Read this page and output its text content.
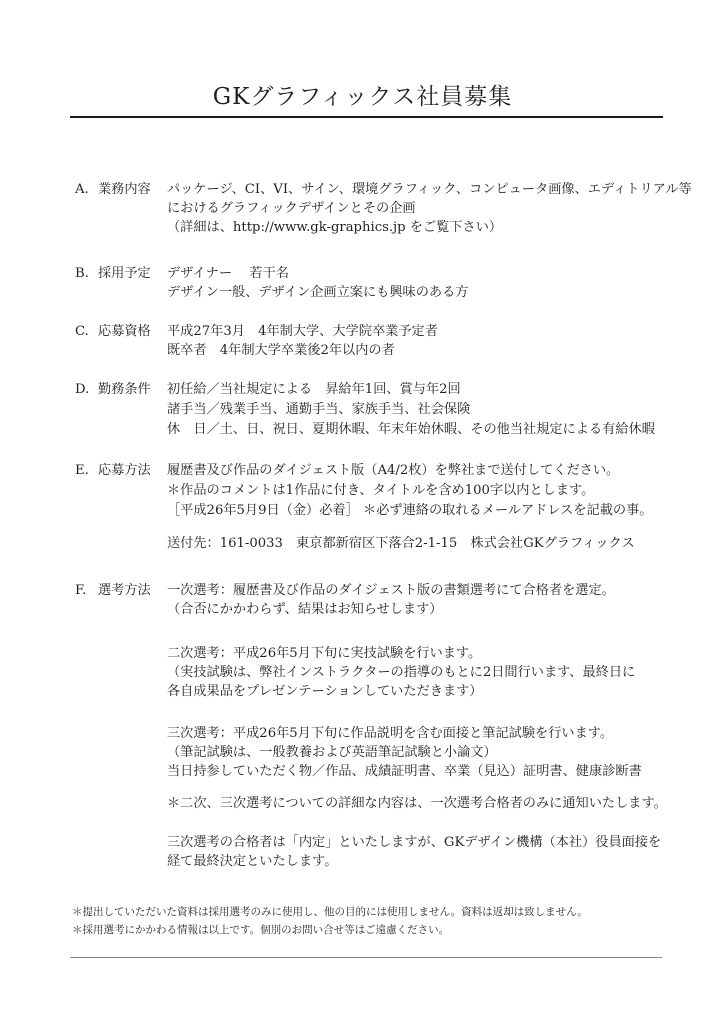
GKグラフィックス社員募集
A. 業務内容 パッケージ、CI、VI、サイン、環境グラフィック、コンピュータ画像、エディトリアル等
におけるグラフィックデザインとその企画
（詳細は、http://www.gk-graphics.jp をご覧下さい）
B. 採用予定 デザイナー　 若干名
デザイン一般、デザイン企画立案にも興味のある方
C. 応募資格 平成27年3月　4年制大学、大学院卒業予定者
既卒者　4年制大学卒業後2年以内の者
D. 勤務条件 初任給／当社規定による　昇給年1回、賞与年2回
諸手当／残業手当、通勤手当、家族手当、社会保険
休　日／土、日、祝日、夏期休暇、年末年始休暇、その他当社規定による有給休暇
E. 応募方法 履歴書及び作品のダイジェスト版（A4/2枚）を弊社まで送付してください。
＊作品のコメントは1作品に付き、タイトルを含め100字以内とします。
［平成26年5月9日（金）必着］ ＊必ず連絡の取れるメールアドレスを記載の事。
送付先：161-0033　東京都新宿区下落合2-1-15　株式会社GKグラフィックス
F. 選考方法 一次選考：履歴書及び作品のダイジェスト版の書類選考にて合格者を選定。
（合否にかかわらず、結果はお知らせします）
二次選考：平成26年5月下旬に実技試験を行います。
（実技試験は、弊社インストラクターの指導のもとに2日間行います、最終日に
各自成果品をプレゼンテーションしていただきます）
三次選考：平成26年5月下旬に作品説明を含む面接と筆記試験を行います。
（筆記試験は、一般教養および英語筆記試験と小論文）
当日持参していただく物／作品、成績証明書、卒業（見込）証明書、健康診断書
＊二次、三次選考についての詳細な内容は、一次選考合格者のみに通知いたします。
三次選考の合格者は「内定」といたしますが、GKデザイン機構（本社）役員面接を
経て最終決定といたします。
＊提出していただいた資料は採用選考のみに使用し、他の目的には使用しません。資料は返却は致しません。
＊採用選考にかかわる情報は以上です。個別のお問い合せ等はご遠慮ください。
